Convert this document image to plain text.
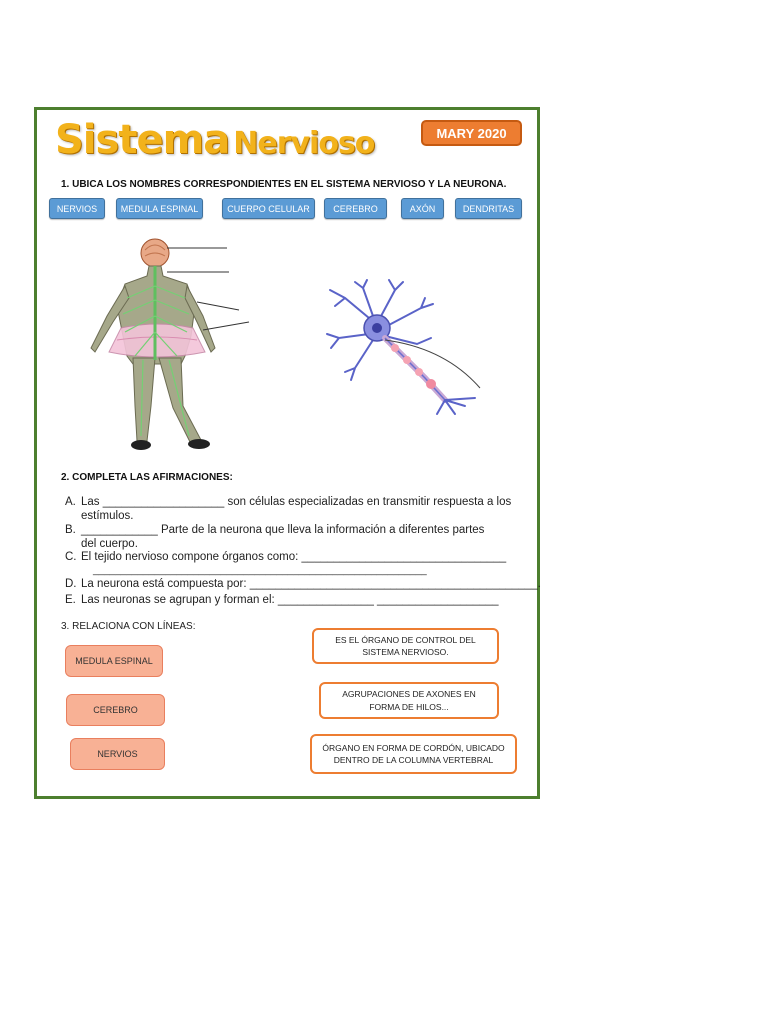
Sistema Nervioso	MARY 2020
1. UBICA LOS NOMBRES CORRESPONDIENTES EN EL SISTEMA NERVIOSO Y LA NEURONA.
NERVIOS	MEDULA ESPINAL	CUERPO CELULAR	CEREBRO	AXÓN	DENDRITAS
2. COMPLETA LAS AFIRMACIONES:
A. Las ___________________ son células especializadas en transmitir respuesta a los
estímulos.
B. ____________ Parte de la neurona que lleva la información a diferentes partes
del cuerpo.
C. El tejido nervioso compone órganos como: ________________________________
____________________________________________________________
D. La neurona está compuesta por: _____________________________________________.
E. Las neuronas se agrupan y forman el: _______________ ___________________
3. RELACIONA CON LÍNEAS:
MEDULA ESPINAL
CEREBRO
NERVIOS
ES EL ÓRGANO DE CONTROL DEL
SISTEMA NERVIOSO.
AGRUPACIONES DE AXONES EN
FORMA DE HILOS...
ÓRGANO EN FORMA DE CORDÓN, UBICADO
DENTRO DE LA COLUMNA VERTEBRAL
